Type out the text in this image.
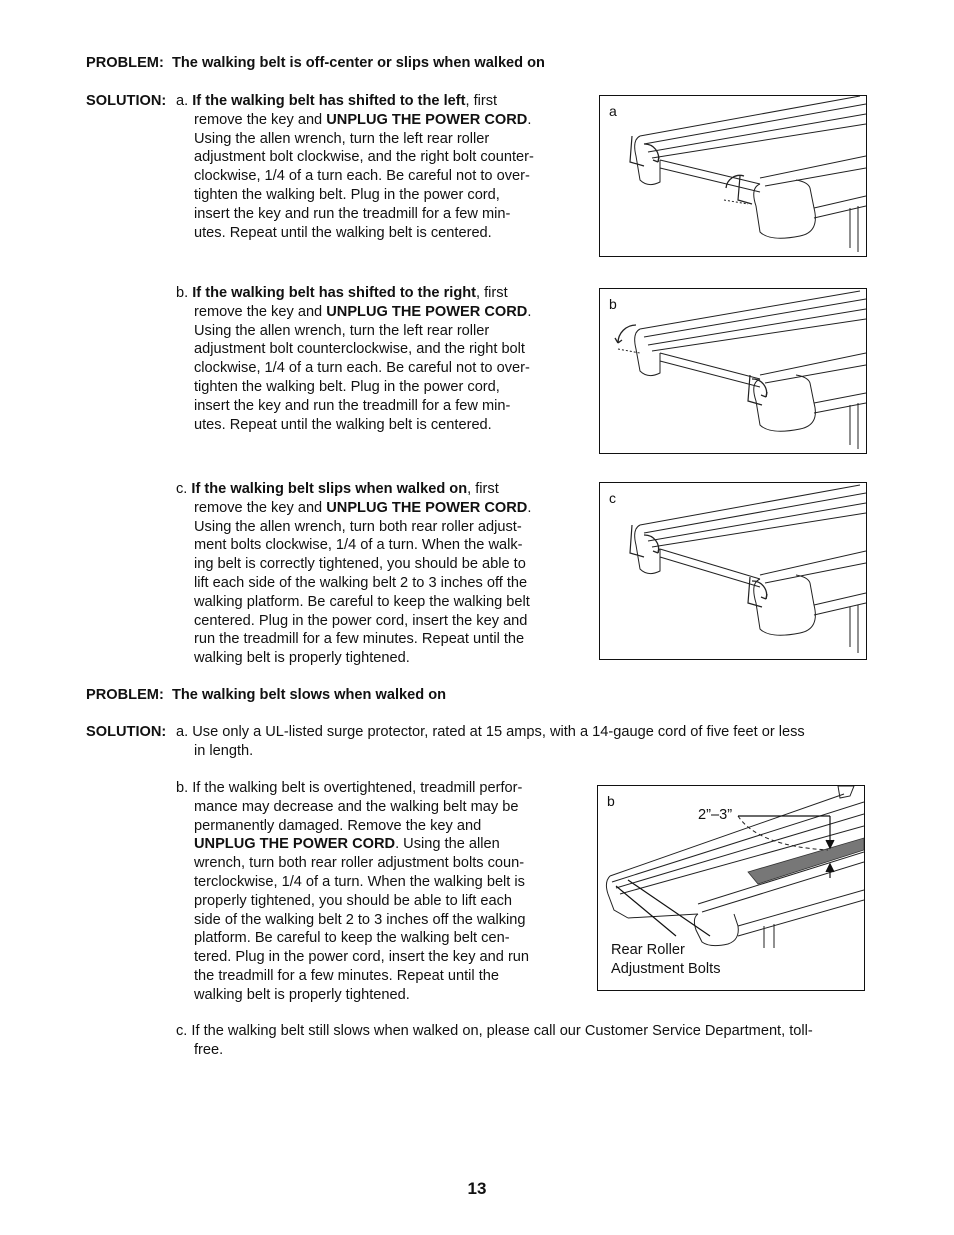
PROBLEM: The walking belt is off-center or slips when walked on
SOLUTION: a. If the walking belt has shifted to the left, first
remove the key and UNPLUG THE POWER CORD.
Using the allen wrench, turn the left rear roller
adjustment bolt clockwise, and the right bolt counter-
clockwise, 1/4 of a turn each. Be careful not to over-
tighten the walking belt. Plug in the power cord,
insert the key and run the treadmill for a few min-
utes. Repeat until the walking belt is centered.
a
b. If the walking belt has shifted to the right, first
remove the key and UNPLUG THE POWER CORD.
Using the allen wrench, turn the left rear roller
adjustment bolt counterclockwise, and the right bolt
clockwise, 1/4 of a turn each. Be careful not to over-
tighten the walking belt. Plug in the power cord,
insert the key and run the treadmill for a few min-
utes. Repeat until the walking belt is centered.
b
c. If the walking belt slips when walked on, first
remove the key and UNPLUG THE POWER CORD.
Using the allen wrench, turn both rear roller adjust-
ment bolts clockwise, 1/4 of a turn. When the walk-
ing belt is correctly tightened, you should be able to
lift each side of the walking belt 2 to 3 inches off the
walking platform. Be careful to keep the walking belt
centered. Plug in the power cord, insert the key and
run the treadmill for a few minutes. Repeat until the
walking belt is properly tightened.
c
PROBLEM: The walking belt slows when walked on
SOLUTION: a. Use only a UL-listed surge protector, rated at 15 amps, with a 14-gauge cord of five feet or less
in length.
b. If the walking belt is overtightened, treadmill perfor-
mance may decrease and the walking belt may be
permanently damaged. Remove the key and
UNPLUG THE POWER CORD. Using the allen
wrench, turn both rear roller adjustment bolts coun-
terclockwise, 1/4 of a turn. When the walking belt is
properly tightened, you should be able to lift each
side of the walking belt 2 to 3 inches off the walking
platform. Be careful to keep the walking belt cen-
tered. Plug in the power cord, insert the key and run
the treadmill for a few minutes. Repeat until the
walking belt is properly tightened.
b
2”–3”
Rear Roller
Adjustment Bolts
c. If the walking belt still slows when walked on, please call our Customer Service Department, toll-
free.
13
